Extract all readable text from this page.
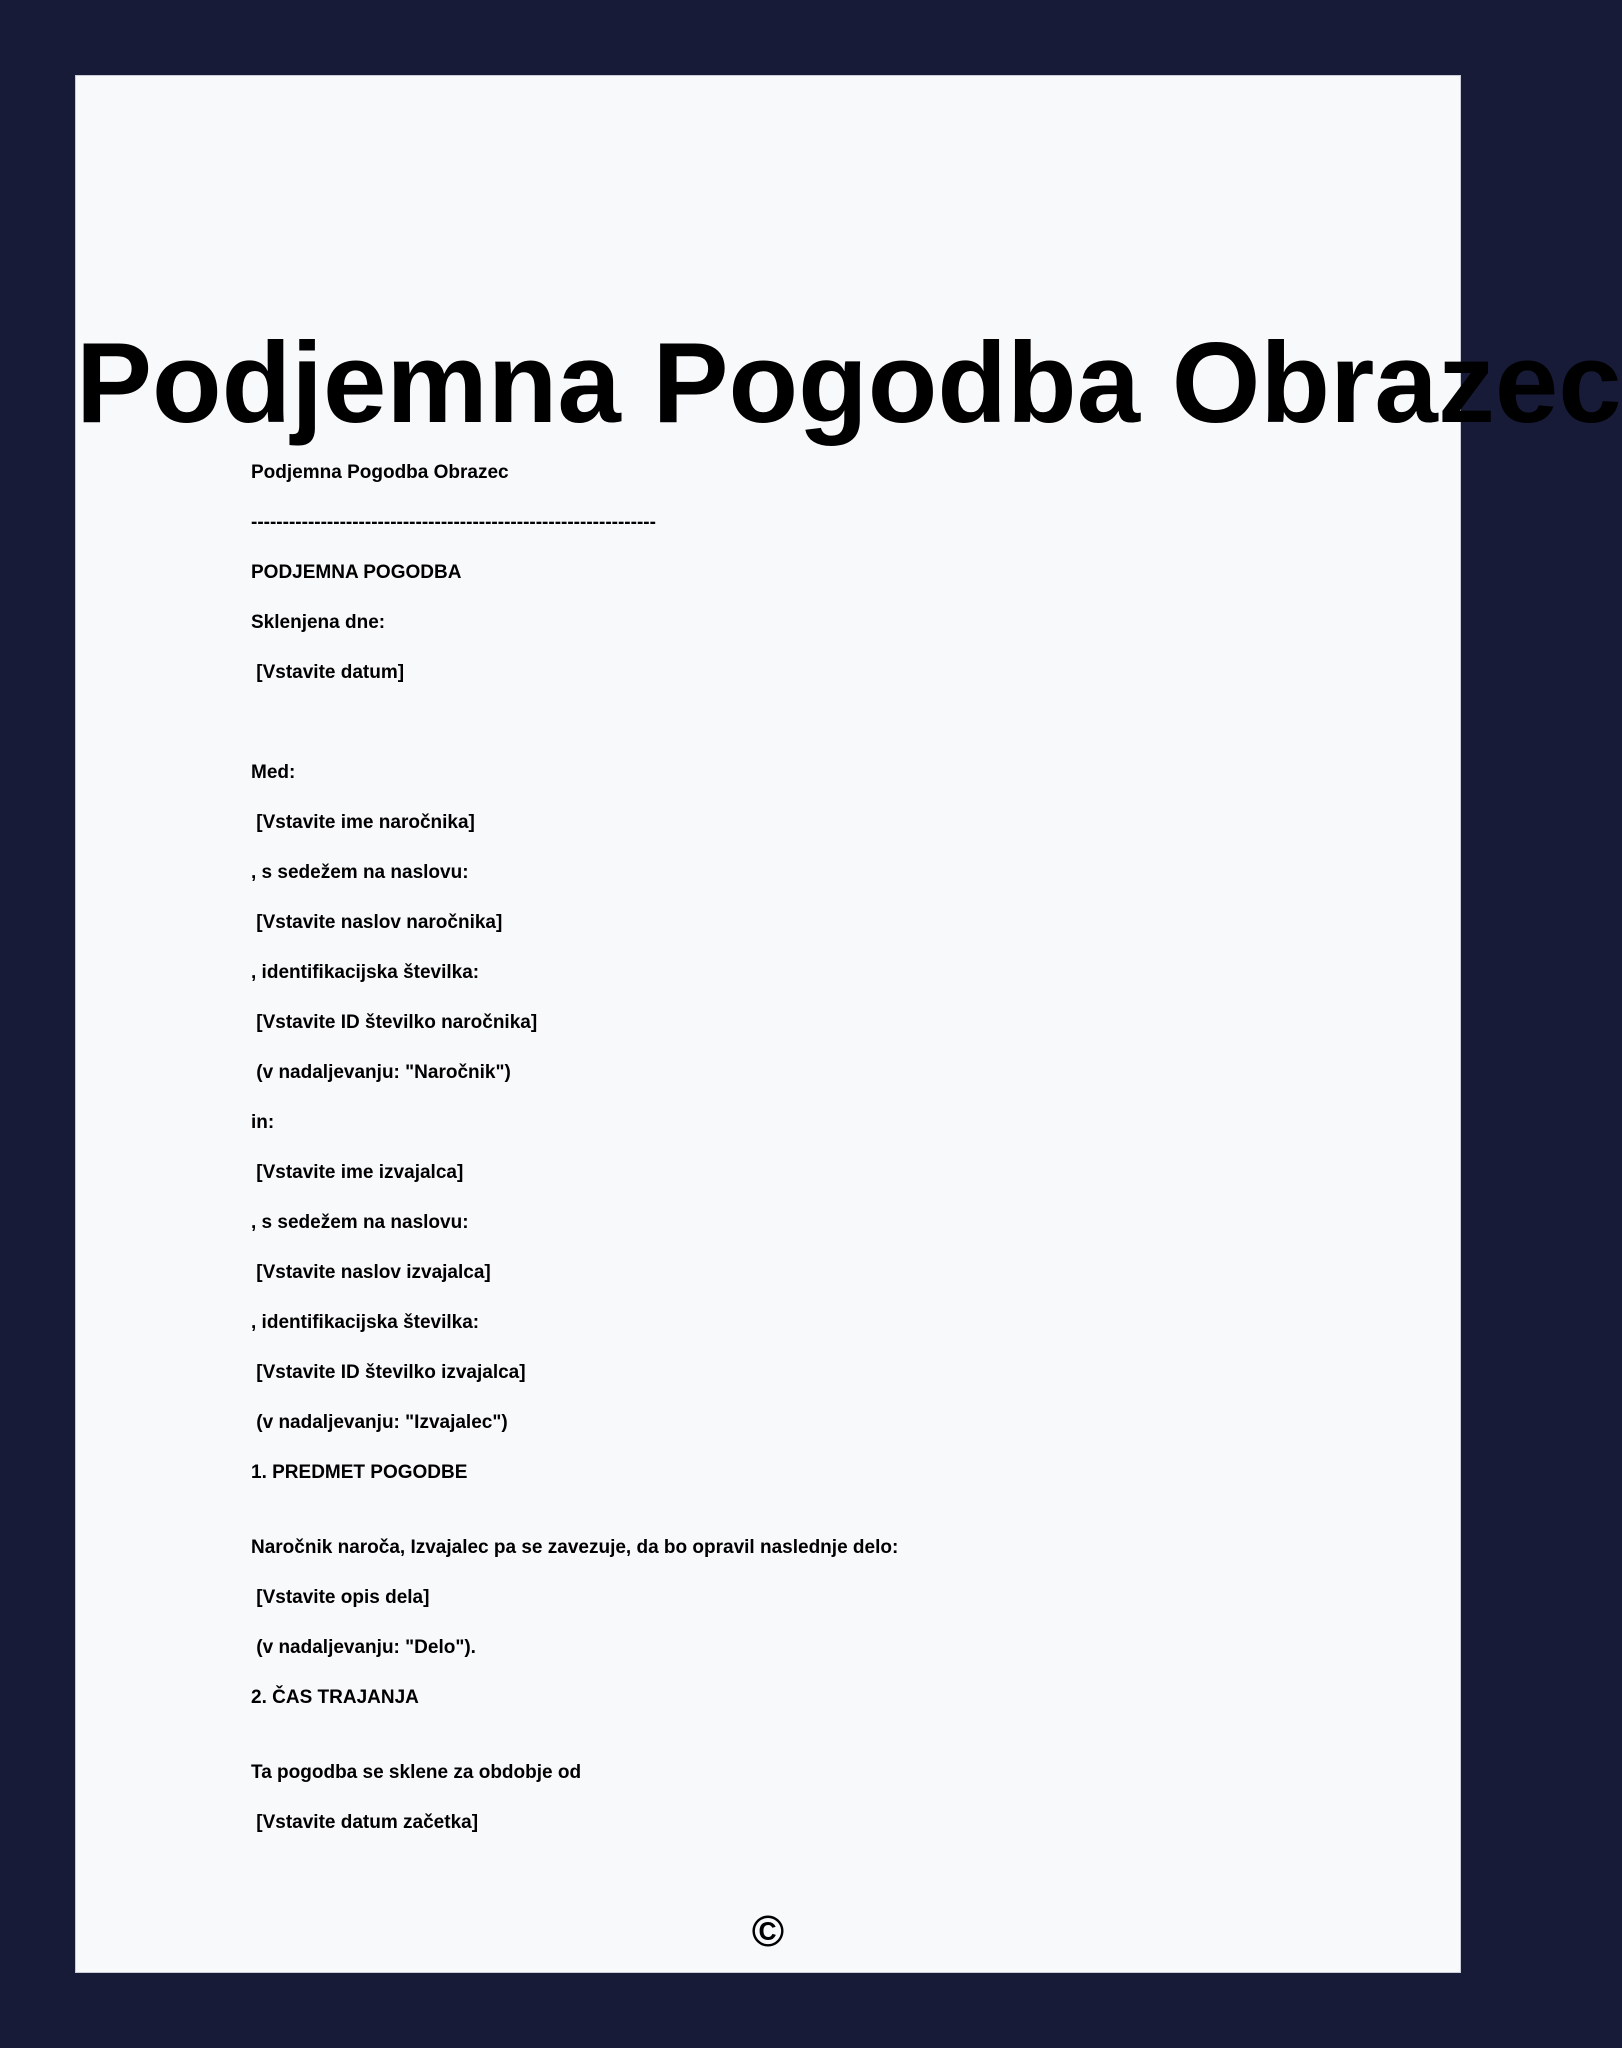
Podjemna Pogodba Obrazec

Podjemna Pogodba Obrazec

----------------------------------------------------------------

PODJEMNA POGODBA

Sklenjena dne:

[Vstavite datum]

Med:

[Vstavite ime naročnika]

, s sedežem na naslovu:

[Vstavite naslov naročnika]

, identifikacijska številka:

[Vstavite ID številko naročnika]

(v nadaljevanju: "Naročnik")

in:

[Vstavite ime izvajalca]

, s sedežem na naslovu:

[Vstavite naslov izvajalca]

, identifikacijska številka:

[Vstavite ID številko izvajalca]

(v nadaljevanju: "Izvajalec")

1. PREDMET POGODBE

Naročnik naroča, Izvajalec pa se zavezuje, da bo opravil naslednje delo:

[Vstavite opis dela]

(v nadaljevanju: "Delo").

2. ČAS TRAJANJA

Ta pogodba se sklene za obdobje od

[Vstavite datum začetka]

©
